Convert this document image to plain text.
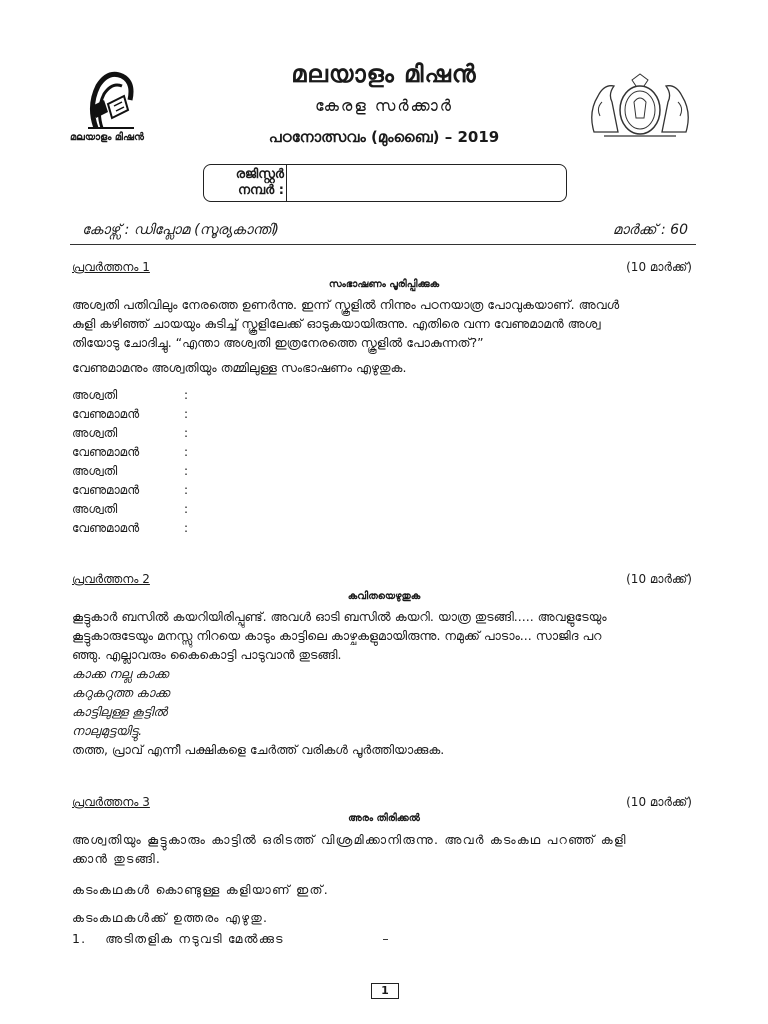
മലയാളം മിഷൻ
മലയാളം മിഷൻ
കേരള സർക്കാർ
പഠനോത്സവം (മുംബൈ) – 2019
രജിസ്റ്റർ
നമ്പർ :
കോഴ്സ് : ഡിപ്ലോമ (സൂര്യകാന്തി)	മാർക്ക് : 60
പ്രവർത്തനം 1	(10 മാർക്ക്)
സംഭാഷണം പൂരിപ്പിക്കുക
അശ്വതി പതിവിലും നേരത്തെ ഉണർന്നു. ഇന്ന് സ്കൂളിൽ നിന്നും പഠനയാത്ര പോവുകയാണ്. അവൾ
കുളി കഴിഞ്ഞ് ചായയും കുടിച്ച് സ്കൂളിലേക്ക് ഓടുകയായിരുന്നു. എതിരെ വന്ന വേണുമാമൻ അശ്വ
തിയോടു ചോദിച്ചു. “എന്താ അശ്വതി ഇത്രനേരത്തെ സ്കൂളിൽ പോകുന്നത്?”
വേണുമാമനും അശ്വതിയും തമ്മിലുള്ള സംഭാഷണം എഴുതുക.
അശ്വതി	:
വേണുമാമൻ	:
അശ്വതി	:
വേണുമാമൻ	:
അശ്വതി	:
വേണുമാമൻ	:
അശ്വതി	:
വേണുമാമൻ	:
പ്രവർത്തനം 2	(10 മാർക്ക്)
കവിതയെഴുതുക
കൂട്ടുകാർ ബസിൽ കയറിയിരിപ്പുണ്ട്. അവൾ ഓടി ബസിൽ കയറി. യാത്ര തുടങ്ങി..... അവളുടേയും
കൂട്ടുകാരുടേയും മനസ്സു നിറയെ കാടും കാട്ടിലെ കാഴ്ചകളുമായിരുന്നു. നമുക്ക് പാടാം... സാജിദ പറ
ഞ്ഞു. എല്ലാവരും കൈകൊട്ടി പാടുവാൻ തുടങ്ങി.
കാക്ക നല്ല കാക്ക
കറുകറുത്ത കാക്ക
കാട്ടിലുള്ള കൂട്ടിൽ
നാലുമുട്ടയിട്ടു.
തത്ത, പ്രാവ് എന്നീ പക്ഷികളെ ചേർത്ത് വരികൾ പൂർത്തിയാക്കുക.
പ്രവർത്തനം 3	(10 മാർക്ക്)
അരം തിരിക്കൽ
അശ്വതിയും കൂട്ടുകാരും കാട്ടിൽ ഒരിടത്ത് വിശ്രമിക്കാനിരുന്നു. അവർ കടംകഥ പറഞ്ഞ് കളി
ക്കാൻ തുടങ്ങി.
കടംകഥകൾ കൊണ്ടുള്ള കളിയാണ് ഇത്.
കടംകഥകൾക്ക് ഉത്തരം എഴുതു.
1. അടിതളിക നടുവടി മേൽക്കുട	–
1
